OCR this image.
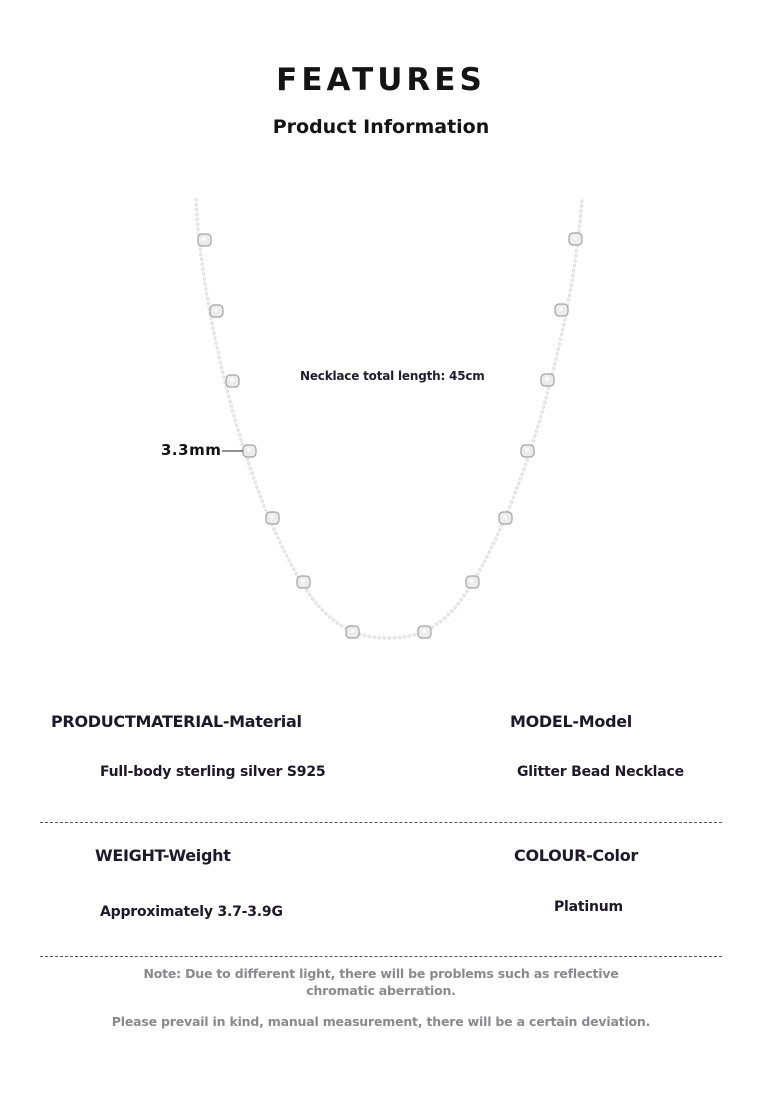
FEATURES
Product Information
Necklace total length: 45cm
3.3mm
PRODUCTMATERIAL-Material
Full-body sterling silver S925
MODEL-Model
Glitter Bead Necklace
WEIGHT-Weight
Approximately 3.7-3.9G
COLOUR-Color
Platinum
Note: Due to different light, there will be problems such as reflective
chromatic aberration.
Please prevail in kind, manual measurement, there will be a certain deviation.
